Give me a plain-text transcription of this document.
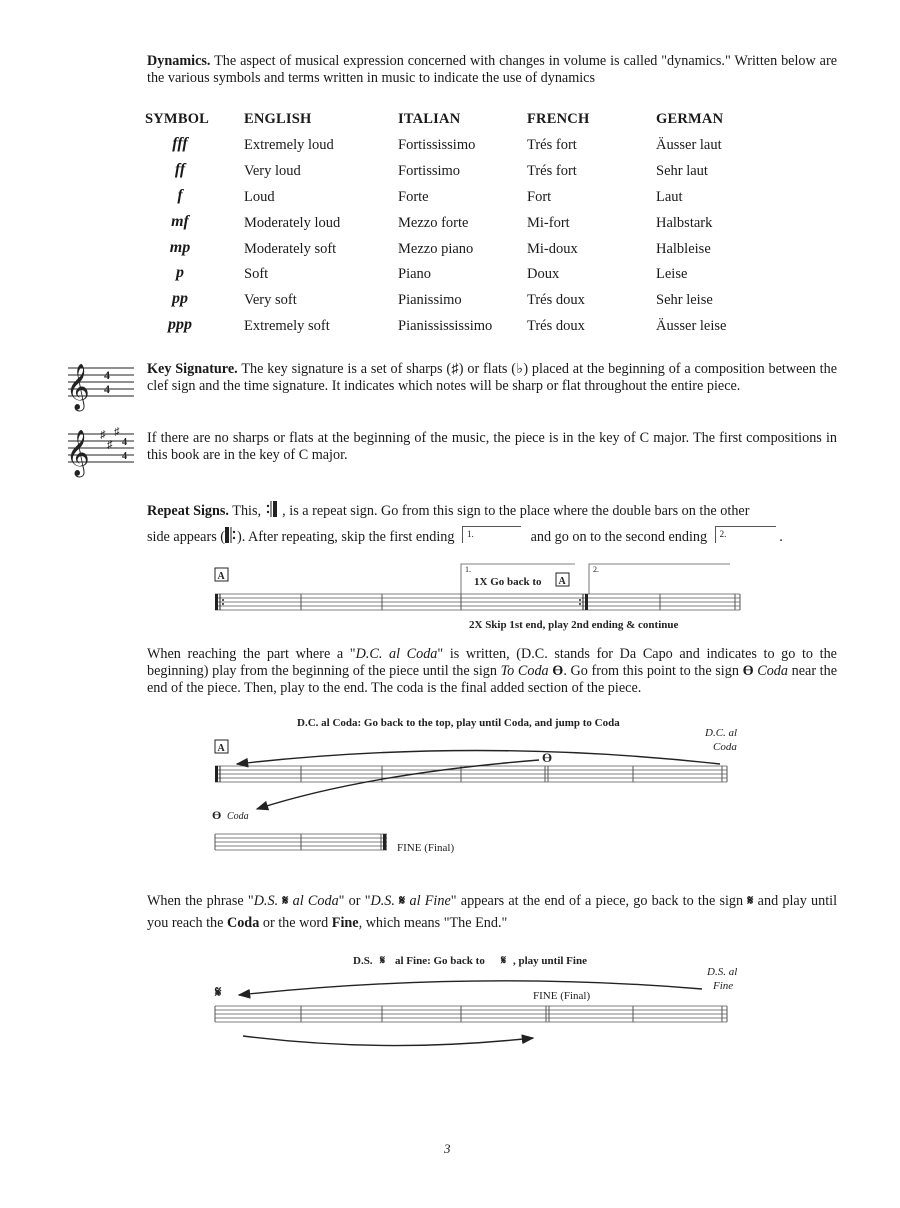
Dynamics. The aspect of musical expression concerned with changes in volume is called "dynamics." Written below are the various symbols and terms written in music to indicate the use of dynamics

SYMBOL ENGLISH	ITALIAN	FRENCH	GERMAN
fff	Extremely loud	Fortississimo	Trés fort	Äusser laut
ff	Very loud	Fortissimo	Trés fort	Sehr laut
f	Loud	Forte	Fort	Laut
mf	Moderately loud	Mezzo forte	Mi-fort	Halbstark
mp	Moderately soft	Mezzo piano	Mi-doux	Halbleise
p	Soft	Piano	Doux	Leise
pp	Very soft	Pianissimo	Trés doux	Sehr leise
ppp	Extremely soft	Pianissississimo Trés doux	Äusser leise
𝄞 4
4
𝄞 ♯
♯
♯
4
4

Key Signature. The key signature is a set of sharps (♯) or flats (♭) placed at the beginning of a composition between the clef sign and the time signature. It indicates which notes will be sharp or flat throughout the entire piece.

If there are no sharps or flats at the beginning of the music, the piece is in the key of C major. The first compositions in this book are in the key of C major.

Repeat Signs. This, , is a repeat sign. Go from this sign to the place where the double bars on the other
side appears ( ). After repeating, skip the first ending 1.	and go on to the second ending 2.	.
A
1.
1X Go back to A
2.
2X Skip 1st end, play 2nd ending & continue

When reaching the part where a "D.C. al Coda" is written, (D.C. stands for Da Capo and indicates to go to the beginning) play from the beginning of the piece until the sign To Coda ϴ. Go from this point to the sign ϴ Coda near the end of the piece. Then, play to the end. The coda is the final added section of the piece.

D.C. al Coda: Go back to the top, play until Coda, and jump to Coda
D.C. al
Coda
A
ϴ
ϴ Coda
FINE (Final)

When the phrase "D.S. 𝄋 al Coda" or "D.S. 𝄋 al Fine" appears at the end of a piece, go back to the sign 𝄋 and play until you reach the Coda or the word Fine, which means "The End."

D.S. 𝄋 al Fine: Go back to 𝄋 , play until Fine
D.S. al
Fine
𝄋	FINE (Final)
3
